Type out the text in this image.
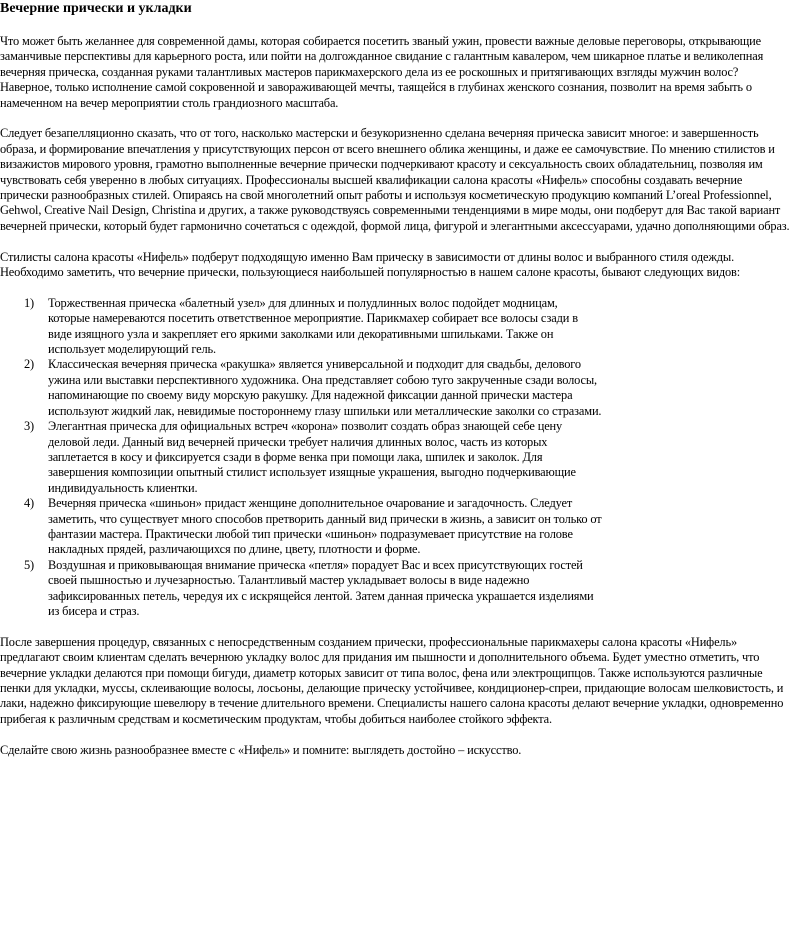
Вечерние прически и укладки

Что может быть желаннее для современной дамы, которая собирается посетить званый ужин, провести важные деловые переговоры, открывающие заманчивые перспективы для карьерного роста, или пойти на долгожданное свидание с галантным кавалером, чем шикарное платье и великолепная вечерняя прическа, созданная руками талантливых мастеров парикмахерского дела из ее роскошных и притягивающих взгляды мужчин волос? Наверное, только исполнение самой сокровенной и завораживающей мечты, таящейся в глубинах женского сознания, позволит на время забыть о намеченном на вечер мероприятии столь грандиозного масштаба.

Следует безапелляционно сказать, что от того, насколько мастерски и безукоризненно сделана вечерняя прическа зависит многое: и завершенность образа, и формирование впечатления у присутствующих персон от всего внешнего облика женщины, и даже ее самочувствие. По мнению стилистов и визажистов мирового уровня, грамотно выполненные вечерние прически подчеркивают красоту и сексуальность своих обладательниц, позволяя им чувствовать себя уверенно в любых ситуациях. Профессионалы высшей квалификации салона красоты «Нифель» способны создавать вечерние прически разнообразных стилей. Опираясь на свой многолетний опыт работы и используя косметическую продукцию компаний L’oreal Professionnel, Gehwol, Creative Nail Design, Christina и других, а также руководствуясь современными тенденциями в мире моды, они подберут для Вас такой вариант вечерней прически, который будет гармонично сочетаться с одеждой, формой лица, фигурой и элегантными аксессуарами, удачно дополняющими образ.

Стилисты салона красоты «Нифель» подберут подходящую именно Вам прическу в зависимости от длины волос и выбранного стиля одежды. Необходимо заметить, что вечерние прически, пользующиеся наибольшей популярностью в нашем салоне красоты, бывают следующих видов:

1) Торжественная прическа «балетный узел» для длинных и полудлинных волос подойдет модницам, которые намереваются посетить ответственное мероприятие. Парикмахер собирает все волосы сзади в виде изящного узла и закрепляет его яркими заколками или декоративными шпильками. Также он использует моделирующий гель.
2) Классическая вечерняя прическа «ракушка» является универсальной и подходит для свадьбы, делового ужина или выставки перспективного художника. Она представляет собою туго закрученные сзади волосы, напоминающие по своему виду морскую ракушку. Для надежной фиксации данной прически мастера используют жидкий лак, невидимые постороннему глазу шпильки или металлические заколки со стразами.
3) Элегантная прическа для официальных встреч «корона» позволит создать образ знающей себе цену деловой леди. Данный вид вечерней прически требует наличия длинных волос, часть из которых заплетается в косу и фиксируется сзади в форме венка при помощи лака, шпилек и заколок. Для завершения композиции опытный стилист использует изящные украшения, выгодно подчеркивающие индивидуальность клиентки.
4) Вечерняя прическа «шиньон» придаст женщине дополнительное очарование и загадочность. Следует заметить, что существует много способов претворить данный вид прически в жизнь, а зависит он только от фантазии мастера. Практически любой тип прически «шиньон» подразумевает присутствие на голове накладных прядей, различающихся по длине, цвету, плотности и форме.
5) Воздушная и приковывающая внимание прическа «петля» порадует Вас и всех присутствующих гостей своей пышностью и лучезарностью. Талантливый мастер укладывает волосы в виде надежно зафиксированных петель, чередуя их с искрящейся лентой. Затем данная прическа украшается изделиями из бисера и страз.

После завершения процедур, связанных с непосредственным созданием прически, профессиональные парикмахеры салона красоты «Нифель» предлагают своим клиентам сделать вечернюю укладку волос для придания им пышности и дополнительного объема. Будет уместно отметить, что вечерние укладки делаются при помощи бигуди, диаметр которых зависит от типа волос, фена или электрощипцов. Также используются различные пенки для укладки, муссы, склеивающие волосы, лосьоны, делающие прическу устойчивее, кондиционер-спреи, придающие волосам шелковистость, и лаки, надежно фиксирующие шевелюру в течение длительного времени. Специалисты нашего салона красоты делают вечерние укладки, одновременно прибегая к различным средствам и косметическим продуктам, чтобы добиться наиболее стойкого эффекта.

Сделайте свою жизнь разнообразнее вместе с «Нифель» и помните: выглядеть достойно – искусство.
